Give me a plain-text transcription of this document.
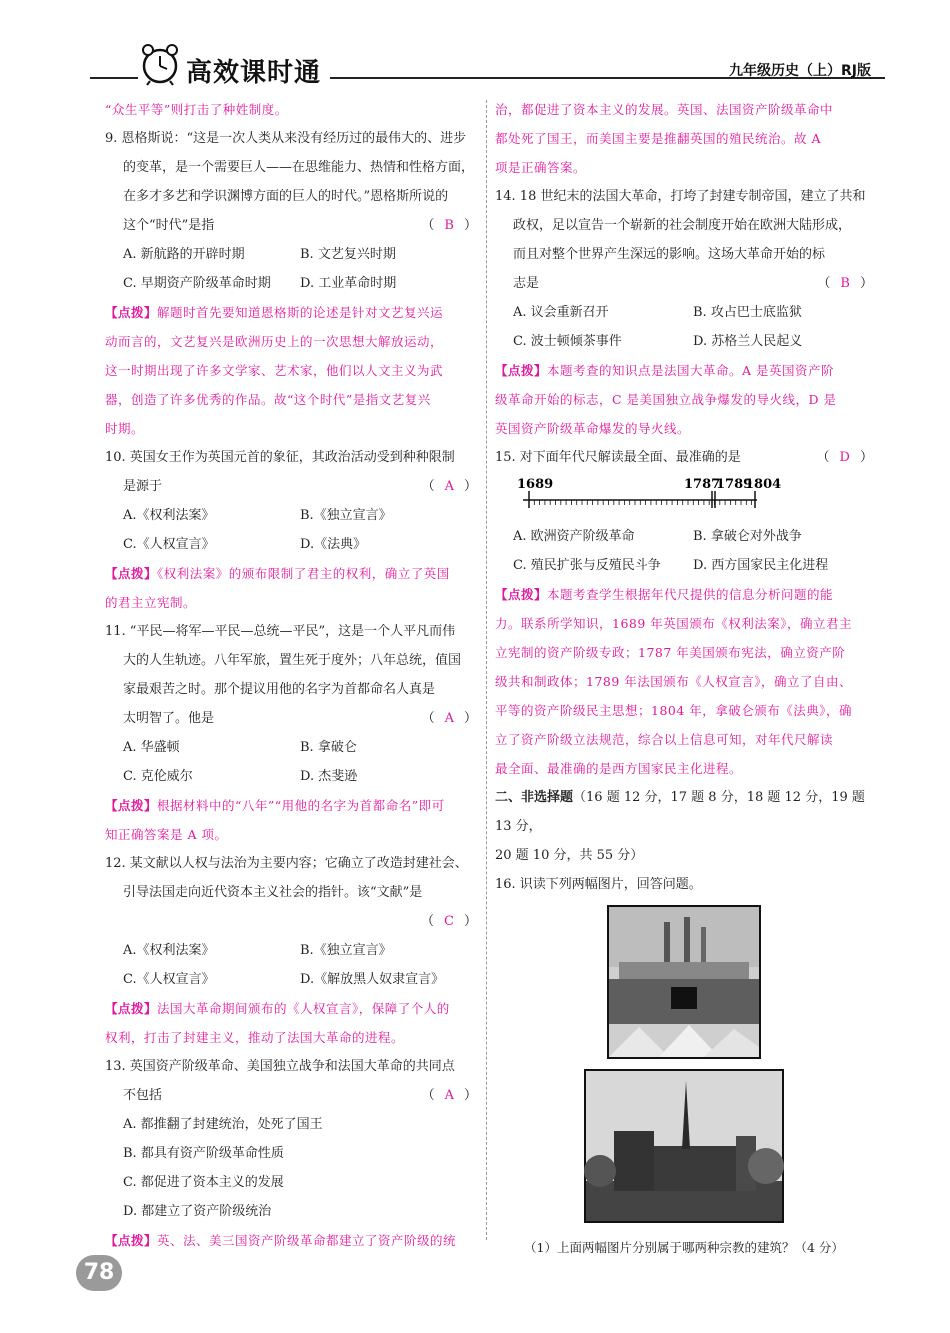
高效课时通	九年级历史（上）RJ版

“众生平等”则打击了种姓制度。

9. 恩格斯说：“这是一次人类从来没有经历过的最伟大的、进步

的变革，是一个需要巨人——在思维能力、热情和性格方面，

在多才多艺和学识渊博方面的巨人的时代。”恩格斯所说的

这个“时代”是指	（ B ）

A. 新航路的开辟时期	B. 文艺复兴时期
C. 早期资产阶级革命时期	D. 工业革命时期

【点拨】解题时首先要知道恩格斯的论述是针对文艺复兴运

动而言的，文艺复兴是欧洲历史上的一次思想大解放运动，

这一时期出现了许多文学家、艺术家，他们以人文主义为武

器，创造了许多优秀的作品。故“这个时代”是指文艺复兴

时期。

10. 英国女王作为英国元首的象征，其政治活动受到种种限制

是源于	（ A ）

A.《权利法案》	B.《独立宣言》
C.《人权宣言》	D.《法典》

【点拨】《权利法案》的颁布限制了君主的权利，确立了英国

的君主立宪制。

11. “平民—将军—平民—总统—平民”，这是一个人平凡而伟

大的人生轨迹。八年军旅，置生死于度外；八年总统，值国

家最艰苦之时。那个提议用他的名字为首都命名人真是

太明智了。他是	（ A ）

A. 华盛顿	B. 拿破仑
C. 克伦威尔	D. 杰斐逊

【点拨】根据材料中的“八年”“用他的名字为首都命名”即可

知正确答案是 A 项。

12. 某文献以人权与法治为主要内容；它确立了改造封建社会、

引导法国走向近代资本主义社会的指针。该“文献”是

（ C ）

A.《权利法案》	B.《独立宣言》
C.《人权宣言》	D.《解放黑人奴隶宣言》

【点拨】法国大革命期间颁布的《人权宣言》，保障了个人的

权利，打击了封建主义，推动了法国大革命的进程。

13. 英国资产阶级革命、美国独立战争和法国大革命的共同点

不包括	（ A ）

A. 都推翻了封建统治，处死了国王

B. 都具有资产阶级革命性质

C. 都促进了资本主义的发展

D. 都建立了资产阶级统治

【点拨】英、法、美三国资产阶级革命都建立了资产阶级的统

治，都促进了资本主义的发展。英国、法国资产阶级革命中

都处死了国王，而美国主要是推翻英国的殖民统治。故 A

项是正确答案。

14. 18 世纪末的法国大革命，打垮了封建专制帝国，建立了共和

政权，足以宣告一个崭新的社会制度开始在欧洲大陆形成，

而且对整个世界产生深远的影响。这场大革命开始的标

志是	（ B ）

A. 议会重新召开	B. 攻占巴士底监狱
C. 波士顿倾茶事件	D. 苏格兰人民起义

【点拨】本题考查的知识点是法国大革命。A 是英国资产阶

级革命开始的标志，C 是美国独立战争爆发的导火线，D 是

英国资产阶级革命爆发的导火线。

15. 对下面年代尺解读最全面、最准确的是	（ D ）

1689	1787
1789
1804
A. 欧洲资产阶级革命	B. 拿破仑对外战争
C. 殖民扩张与反殖民斗争	D. 西方国家民主化进程

【点拨】本题考查学生根据年代尺提供的信息分析问题的能

力。联系所学知识，1689 年英国颁布《权利法案》，确立君主

立宪制的资产阶级专政；1787 年美国颁布宪法，确立资产阶

级共和制政体；1789 年法国颁布《人权宣言》，确立了自由、

平等的资产阶级民主思想；1804 年，拿破仑颁布《法典》，确

立了资产阶级立法规范，综合以上信息可知，对年代尺解读

最全面、最准确的是西方国家民主化进程。

二、非选择题（16 题 12 分，17 题 8 分，18 题 12 分，19 题 13 分，

20 题 10 分，共 55 分）

16. 识读下列两幅图片，回答问题。

（1）上面两幅图片分别属于哪两种宗教的建筑？（4 分）

78
